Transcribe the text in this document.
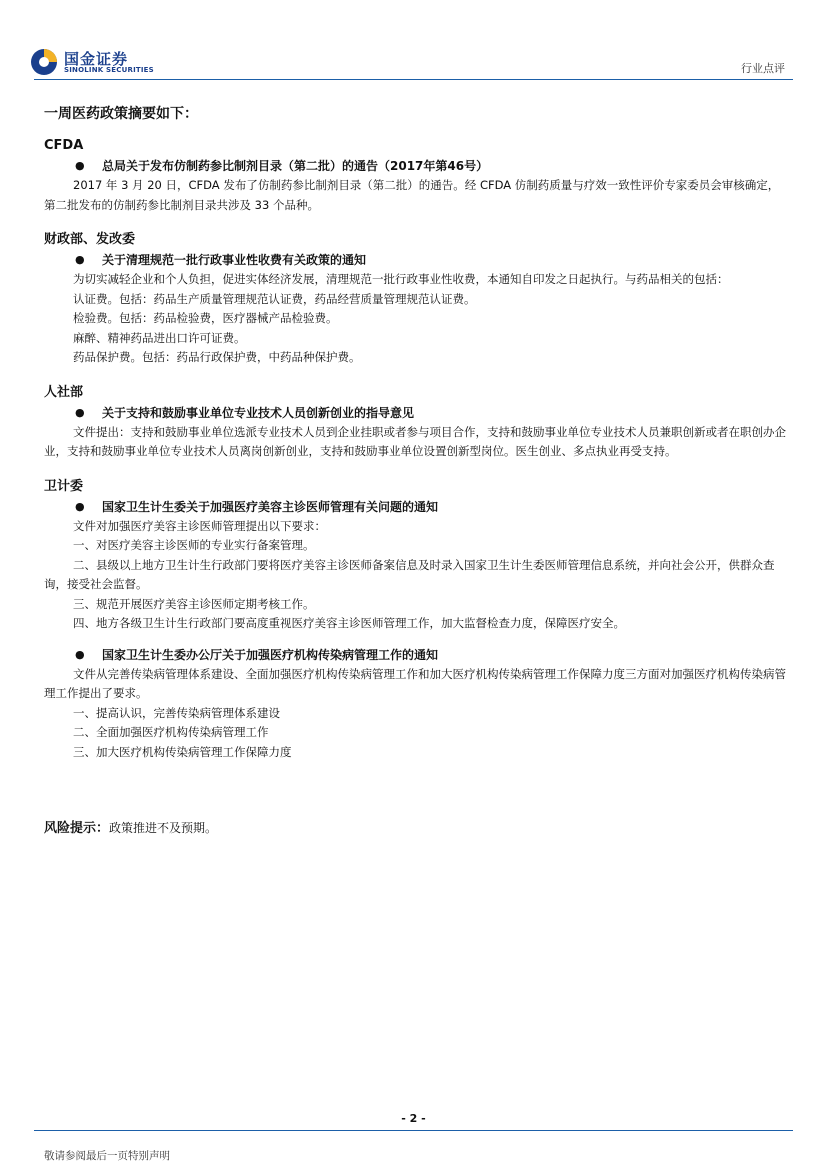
国金证券
SINOLINK SECURITIES	行业点评
一周医药政策摘要如下：
CFDA
● 总局关于发布仿制药参比制剂目录（第二批）的通告（2017年第46号）

2017 年 3 月 20 日，CFDA 发布了仿制药参比制剂目录（第二批）的通告。经 CFDA 仿制药质量与疗效一致性评价专家委员会审核确定，第二批发布的仿制药参比制剂目录共涉及 33 个品种。

财政部、发改委
● 关于清理规范一批行政事业性收费有关政策的通知

为切实减轻企业和个人负担，促进实体经济发展，清理规范一批行政事业性收费，本通知自印发之日起执行。与药品相关的包括：

认证费。包括：药品生产质量管理规范认证费，药品经营质量管理规范认证费。

检验费。包括：药品检验费，医疗器械产品检验费。

麻醉、精神药品进出口许可证费。

药品保护费。包括：药品行政保护费，中药品种保护费。

人社部
● 关于支持和鼓励事业单位专业技术人员创新创业的指导意见

文件提出：支持和鼓励事业单位选派专业技术人员到企业挂职或者参与项目合作，支持和鼓励事业单位专业技术人员兼职创新或者在职创办企业，支持和鼓励事业单位专业技术人员离岗创新创业，支持和鼓励事业单位设置创新型岗位。医生创业、多点执业再受支持。

卫计委
● 国家卫生计生委关于加强医疗美容主诊医师管理有关问题的通知

文件对加强医疗美容主诊医师管理提出以下要求：

一、对医疗美容主诊医师的专业实行备案管理。

二、县级以上地方卫生计生行政部门要将医疗美容主诊医师备案信息及时录入国家卫生计生委医师管理信息系统，并向社会公开，供群众查询，接受社会监督。

三、规范开展医疗美容主诊医师定期考核工作。

四、地方各级卫生计生行政部门要高度重视医疗美容主诊医师管理工作，加大监督检查力度，保障医疗安全。

● 国家卫生计生委办公厅关于加强医疗机构传染病管理工作的通知

文件从完善传染病管理体系建设、全面加强医疗机构传染病管理工作和加大医疗机构传染病管理工作保障力度三方面对加强医疗机构传染病管理工作提出了要求。

一、提高认识，完善传染病管理体系建设

二、全面加强医疗机构传染病管理工作

三、加大医疗机构传染病管理工作保障力度

风险提示：政策推进不及预期。
- 2 -
敬请参阅最后一页特别声明
